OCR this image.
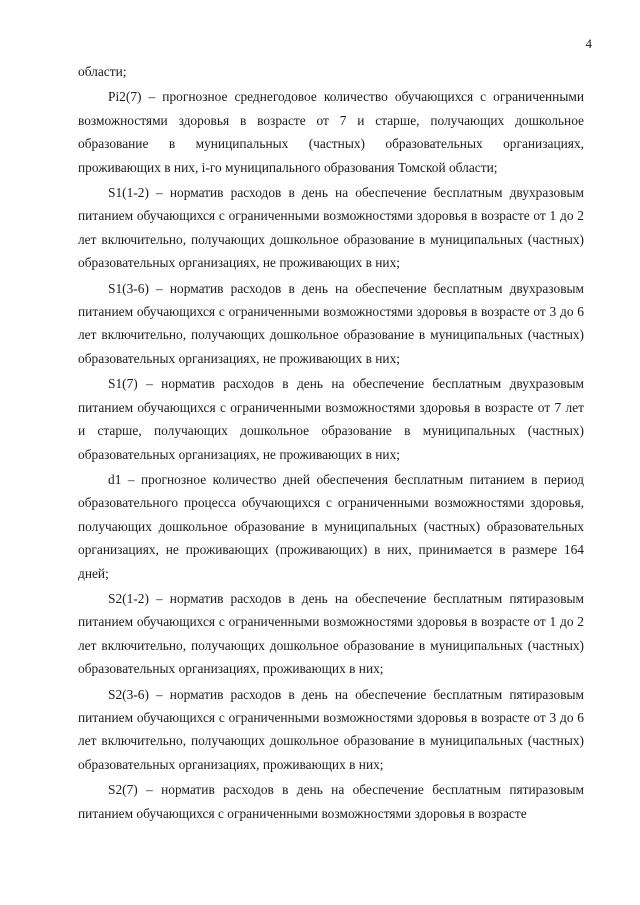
4

области;

Pi2(7) – прогнозное среднегодовое количество обучающихся с ограниченными возможностями здоровья в возрасте от 7 и старше, получающих дошкольное образование в муниципальных (частных) образовательных организациях, проживающих в них, i-го муниципального образования Томской области;

S1(1-2) – норматив расходов в день на обеспечение бесплатным двухразовым питанием обучающихся с ограниченными возможностями здоровья в возрасте от 1 до 2 лет включительно, получающих дошкольное образование в муниципальных (частных) образовательных организациях, не проживающих в них;

S1(3-6) – норматив расходов в день на обеспечение бесплатным двухразовым питанием обучающихся с ограниченными возможностями здоровья в возрасте от 3 до 6 лет включительно, получающих дошкольное образование в муниципальных (частных) образовательных организациях, не проживающих в них;

S1(7) – норматив расходов в день на обеспечение бесплатным двухразовым питанием обучающихся с ограниченными возможностями здоровья в возрасте от 7 лет и старше, получающих дошкольное образование в муниципальных (частных) образовательных организациях, не проживающих в них;

d1 – прогнозное количество дней обеспечения бесплатным питанием в период образовательного процесса обучающихся с ограниченными возможностями здоровья, получающих дошкольное образование в муниципальных (частных) образовательных организациях, не проживающих (проживающих) в них, принимается в размере 164 дней;

S2(1-2) – норматив расходов в день на обеспечение бесплатным пятиразовым питанием обучающихся с ограниченными возможностями здоровья в возрасте от 1 до 2 лет включительно, получающих дошкольное образование в муниципальных (частных) образовательных организациях, проживающих в них;

S2(3-6) – норматив расходов в день на обеспечение бесплатным пятиразовым питанием обучающихся с ограниченными возможностями здоровья в возрасте от 3 до 6 лет включительно, получающих дошкольное образование в муниципальных (частных) образовательных организациях, проживающих в них;

S2(7) – норматив расходов в день на обеспечение бесплатным пятиразовым питанием обучающихся с ограниченными возможностями здоровья в возрасте
